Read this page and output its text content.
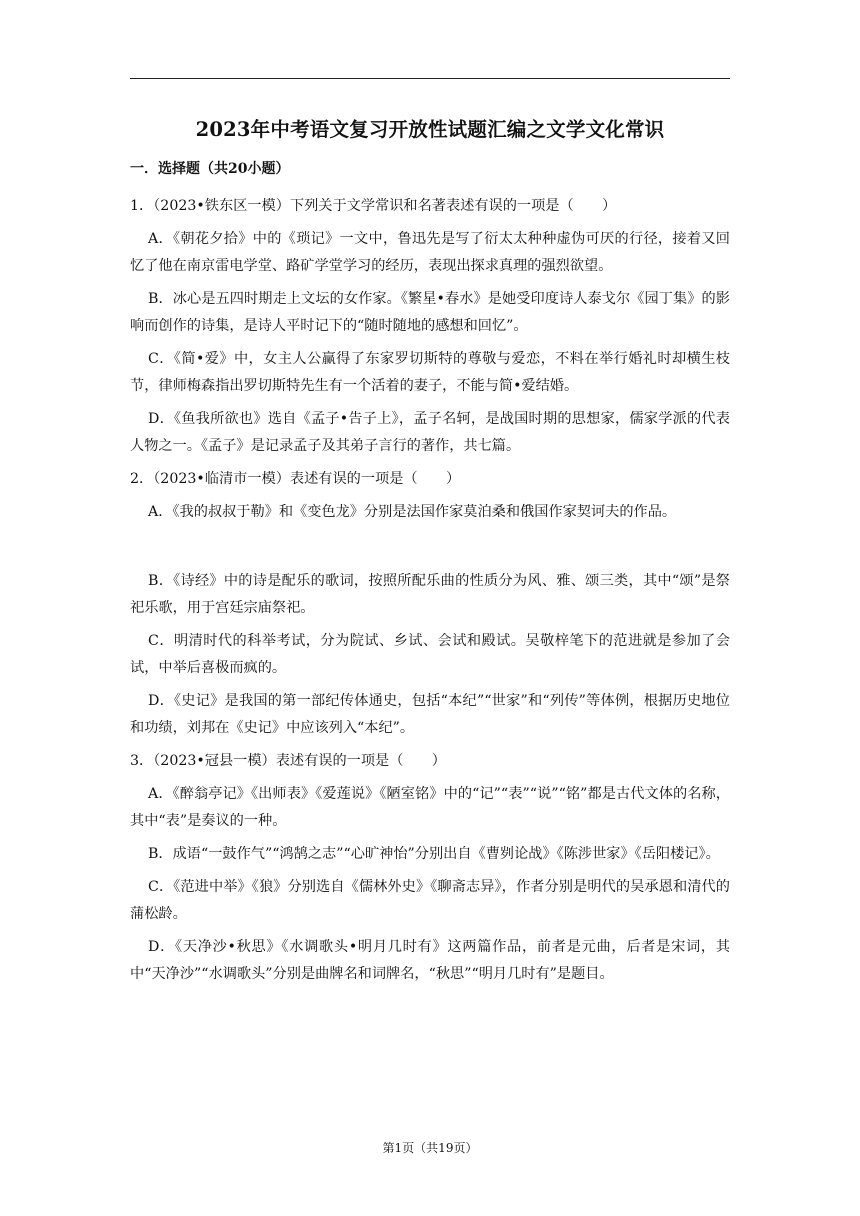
2023年中考语文复习开放性试题汇编之文学文化常识
一．选择题（共20小题）

1．（2023•铁东区一模）下列关于文学常识和名著表述有误的一项是（　　）

A．《朝花夕拾》中的《琐记》一文中，鲁迅先是写了衍太太种种虚伪可厌的行径，接着又回忆了他在南京雷电学堂、路矿学堂学习的经历，表现出探求真理的强烈欲望。

B．冰心是五四时期走上文坛的女作家。《繁星•春水》是她受印度诗人泰戈尔《园丁集》的影响而创作的诗集，是诗人平时记下的“随时随地的感想和回忆”。

C．《简•爱》中，女主人公赢得了东家罗切斯特的尊敬与爱恋，不料在举行婚礼时却横生枝节，律师梅森指出罗切斯特先生有一个活着的妻子，不能与简•爱结婚。

D．《鱼我所欲也》选自《孟子•告子上》，孟子名轲，是战国时期的思想家，儒家学派的代表人物之一。《孟子》是记录孟子及其弟子言行的著作，共七篇。

2．（2023•临清市一模）表述有误的一项是（　　）

A．《我的叔叔于勒》和《变色龙》分别是法国作家莫泊桑和俄国作家契诃夫的作品。

B．《诗经》中的诗是配乐的歌词，按照所配乐曲的性质分为风、雅、颂三类，其中“颂”是祭祀乐歌，用于宫廷宗庙祭祀。

C．明清时代的科举考试，分为院试、乡试、会试和殿试。吴敬梓笔下的范进就是参加了会试，中举后喜极而疯的。

D．《史记》是我国的第一部纪传体通史，包括“本纪”“世家”和“列传”等体例，根据历史地位和功绩，刘邦在《史记》中应该列入“本纪”。

3．（2023•冠县一模）表述有误的一项是（　　）

A．《醉翁亭记》《出师表》《爱莲说》《陋室铭》中的“记”“表”“说”“铭”都是古代文体的名称，其中“表”是奏议的一种。

B．成语“一鼓作气”“鸿鹄之志”“心旷神怡”分别出自《曹刿论战》《陈涉世家》《岳阳楼记》。

C．《范进中举》《狼》分别选自《儒林外史》《聊斋志异》，作者分别是明代的吴承恩和清代的蒲松龄。

D．《天净沙•秋思》《水调歌头•明月几时有》这两篇作品，前者是元曲，后者是宋词，其中“天净沙”“水调歌头”分别是曲牌名和词牌名，“秋思”“明月几时有”是题目。

第1页（共19页）
